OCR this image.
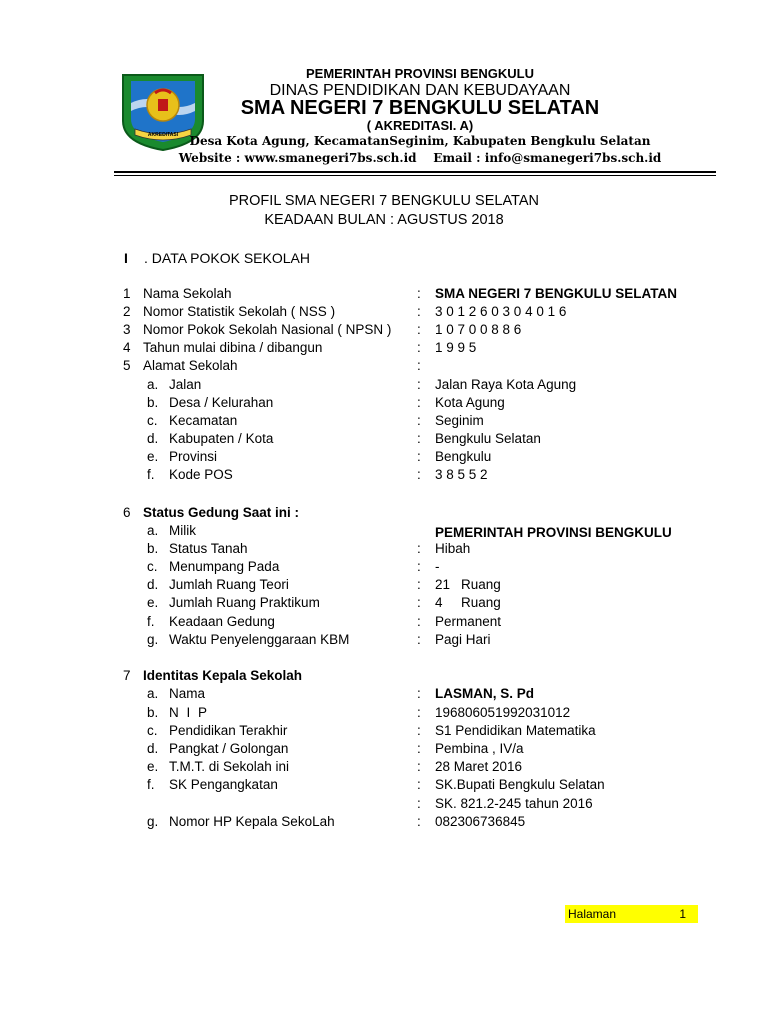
AKREDITASI
PEMERINTAH PROVINSI BENGKULU
DINAS PENDIDIKAN DAN KEBUDAYAAN
SMA NEGERI 7 BENGKULU SELATAN
( AKREDITASI. A)
Desa Kota Agung, KecamatanSeginim, Kabupaten Bengkulu Selatan
Website : www.smanegeri7bs.sch.id    Email : info@smanegeri7bs.sch.id
PROFIL SMA NEGERI 7 BENGKULU SELATAN
KEADAAN BULAN : AGUSTUS 2018
I . DATA POKOK SEKOLAH
1 Nama Sekolah	: SMA NEGERI 7 BENGKULU SELATAN
2 Nomor Statistik Sekolah ( NSS )	: 3 0 1 2 6 0 3 0 4 0 1 6
3 Nomor Pokok Sekolah Nasional ( NPSN ) : 1 0 7 0 0 8 8 6
4 Tahun mulai dibina / dibangun	: 1 9 9 5
5 Alamat Sekolah	:
a. Jalan	: Jalan Raya Kota Agung
b. Desa / Kelurahan	: Kota Agung
c. Kecamatan	: Seginim
d. Kabupaten / Kota	: Bengkulu Selatan
e. Provinsi	: Bengkulu
f. Kode POS	: 3 8 5 5 2
6 Status Gedung Saat ini :
a. Milik	PEMERINTAH PROVINSI BENGKULU
b. Status Tanah	: Hibah
c. Menumpang Pada	: -
d. Jumlah Ruang Teori	: 21 Ruang
e. Jumlah Ruang Praktikum	: 4 Ruang
f. Keadaan Gedung	: Permanent
g. Waktu Penyelenggaraan KBM	: Pagi Hari
7 Identitas Kepala Sekolah
a. Nama	: LASMAN, S. Pd
b. N I P	: 196806051992031012
c. Pendidikan Terakhir	: S1 Pendidikan Matematika
d. Pangkat / Golongan	: Pembina , IV/a
e. T.M.T. di Sekolah ini	: 28 Maret 2016
f. SK Pengangkatan	: SK.Bupati Bengkulu Selatan
: SK. 821.2-245 tahun 2016
g. Nomor HP Kepala SekoLah	: 082306736845
Halaman	1
